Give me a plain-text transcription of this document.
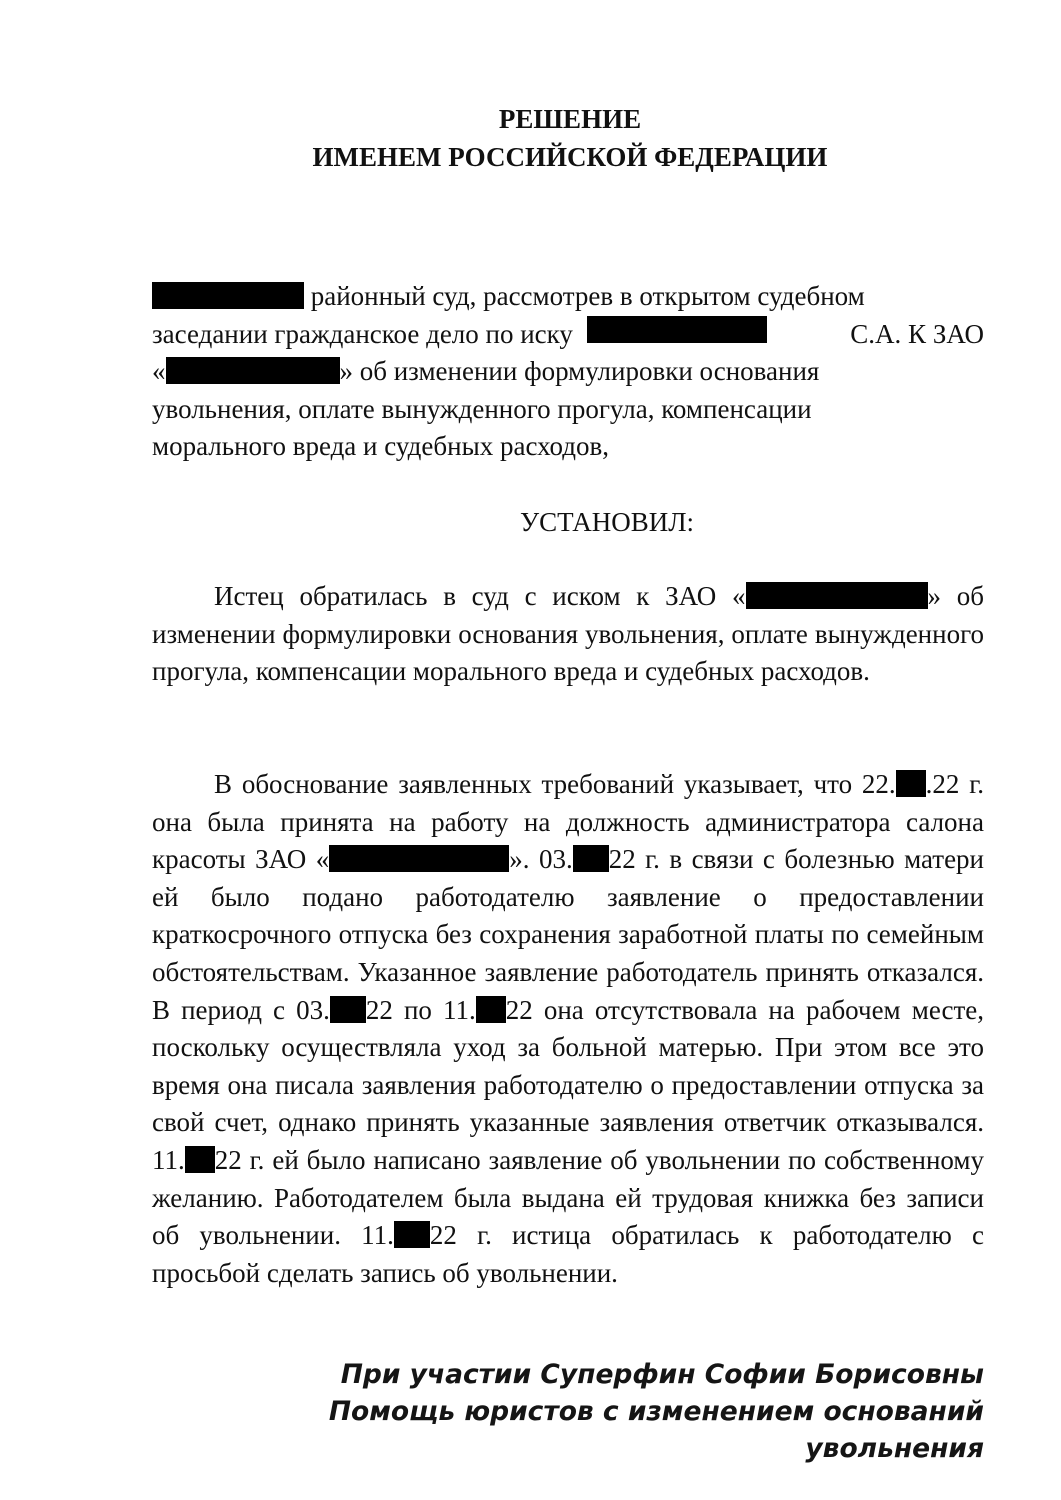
РЕШЕНИЕ
ИМЕНЕМ РОССИЙСКОЙ ФЕДЕРАЦИИ
районный суд, рассмотрев в открытом судебном
заседании гражданское дело по иску	С.А. К ЗАО
«	» об изменении формулировки основания
увольнения, оплате вынужденного прогула, компенсации
морального вреда и судебных расходов,
УСТАНОВИЛ:
Истец обратилась в суд с иском к ЗАО «	» об изменении формулировки основания увольнения, оплате вынужденного прогула, компенсации морального вреда и судебных расходов.
В обоснование заявленных требований указывает, что 22. .22 г. она была принята на работу на должность администратора салона красоты ЗАО «	». 03. 22 г. в связи с болезнью матери ей было подано работодателю заявление о предоставлении краткосрочного отпуска без сохранения заработной платы по семейным обстоятельствам. Указанное заявление работодатель принять отказался. В период с 03. 22 по 11. 22 она отсутствовала на рабочем месте, поскольку осуществляла уход за больной матерью. При этом все это время она писала заявления работодателю о предоставлении отпуска за свой счет, однако принять указанные заявления ответчик отказывался. 11. 22 г. ей было написано заявление об увольнении по собственному желанию. Работодателем была выдана ей трудовая книжка без записи об увольнении. 11. 22 г. истица обратилась к работодателю с просьбой сделать запись об увольнении.
При участии Суперфин Софии Борисовны
Помощь юристов с изменением оснований
увольнения
